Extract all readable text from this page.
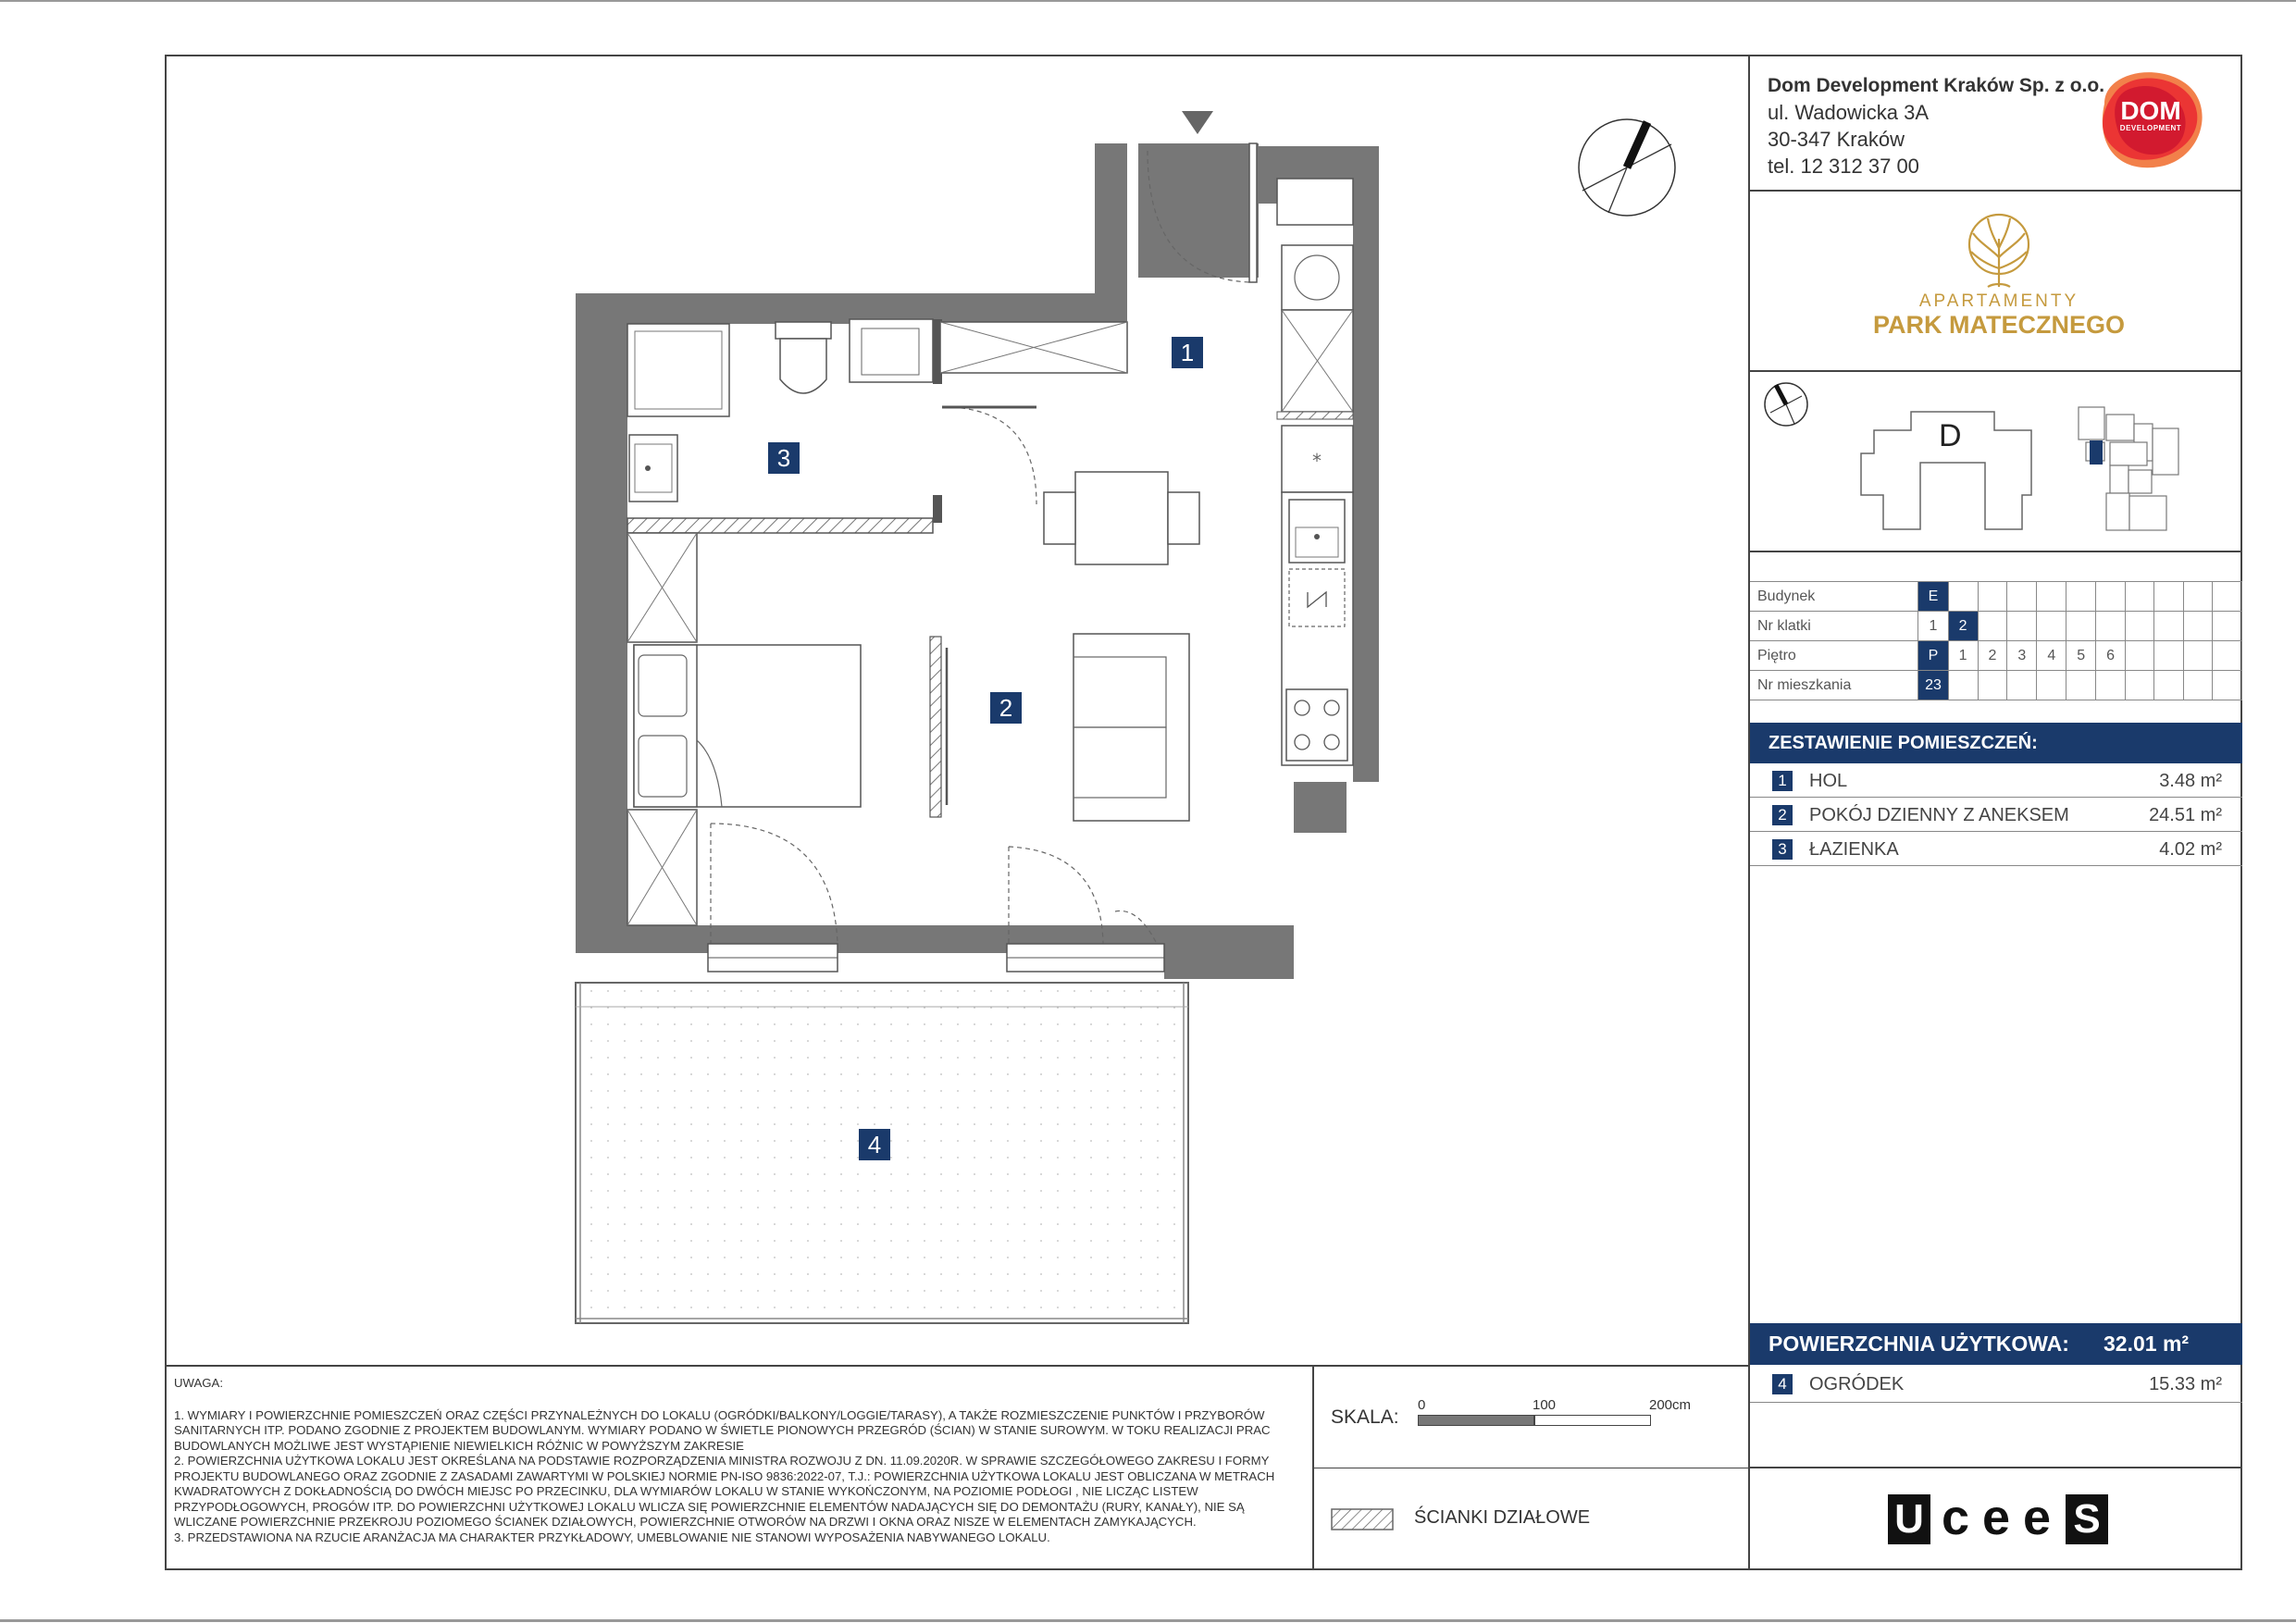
Dom Development Kraków Sp. z o.o.
ul. Wadowicka 3A
30-347 Kraków
tel. 12 312 37 00
DOM
DEVELOPMENT
APARTAMENTY
PARK MATECZNEGO
D
Budynek	E										
Nr klatki	1	2									
Piętro	P	1	2	3	4	5	6				
Nr mieszkania	23										
ZESTAWIENIE POMIESZCZEŃ:
1	HOL	3.48 m²
2	POKÓJ DZIENNY Z ANEKSEM	24.51 m²
3	ŁAZIENKA	4.02 m²
POWIERZCHNIA UŻYTKOWA: 32.01 m²
4	OGRÓDEK	15.33 m²
U c e e S

UWAGA:

1. WYMIARY I POWIERZCHNIE POMIESZCZEŃ ORAZ CZĘŚCI PRZYNALEŻNYCH DO LOKALU (OGRÓDKI/BALKONY/LOGGIE/TARASY), A TAKŻE ROZMIESZCZENIE PUNKTÓW I PRZYBORÓW SANITARNYCH ITP. PODANO ZGODNIE Z PROJEKTEM BUDOWLANYM. WYMIARY PODANO W ŚWIETLE PIONOWYCH PRZEGRÓD (ŚCIAN) W STANIE SUROWYM. W TOKU REALIZACJI PRAC BUDOWLANYCH MOŻLIWE JEST WYSTĄPIENIE NIEWIELKICH RÓŻNIC W POWYŻSZYM ZAKRESIE

2. POWIERZCHNIA UŻYTKOWA LOKALU JEST OKREŚLANA NA PODSTAWIE ROZPORZĄDZENIA MINISTRA ROZWOJU Z DN. 11.09.2020R. W SPRAWIE SZCZEGÓŁOWEGO ZAKRESU I FORMY PROJEKTU BUDOWLANEGO ORAZ ZGODNIE Z ZASADAMI ZAWARTYMI W POLSKIEJ NORMIE PN-ISO 9836:2022-07, T.J.: POWIERZCHNIA UŻYTKOWA LOKALU JEST OBLICZANA W METRACH KWADRATOWYCH Z DOKŁADNOŚCIĄ DO DWÓCH MIEJSC PO PRZECINKU, DLA WYMIARÓW LOKALU W STANIE WYKOŃCZONYM, NA POZIOMIE PODŁOGI , NIE LICZĄC LISTEW PRZYPODŁOGOWYCH, PROGÓW ITP. DO POWIERZCHNI UŻYTKOWEJ LOKALU WLICZA SIĘ POWIERZCHNIE ELEMENTÓW NADAJĄCYCH SIĘ DO DEMONTAŻU (RURY, KANAŁY), NIE SĄ WLICZANE POWIERZCHNIE PRZEKROJU POZIOMEGO ŚCIANEK DZIAŁOWYCH, POWIERZCHNIE OTWORÓW NA DRZWI I OKNA ORAZ NISZE W ELEMENTACH ZAMYKAJĄCYCH.

3. PRZEDSTAWIONA NA RZUCIE ARANŻACJA MA CHARAKTER PRZYKŁADOWY, UMEBLOWANIE NIE STANOWI WYPOSAŻENIA NABYWANEGO LOKALU.

SKALA:
0	100	200cm
ŚCIANKI DZIAŁOWE
*
1
2
3
4
